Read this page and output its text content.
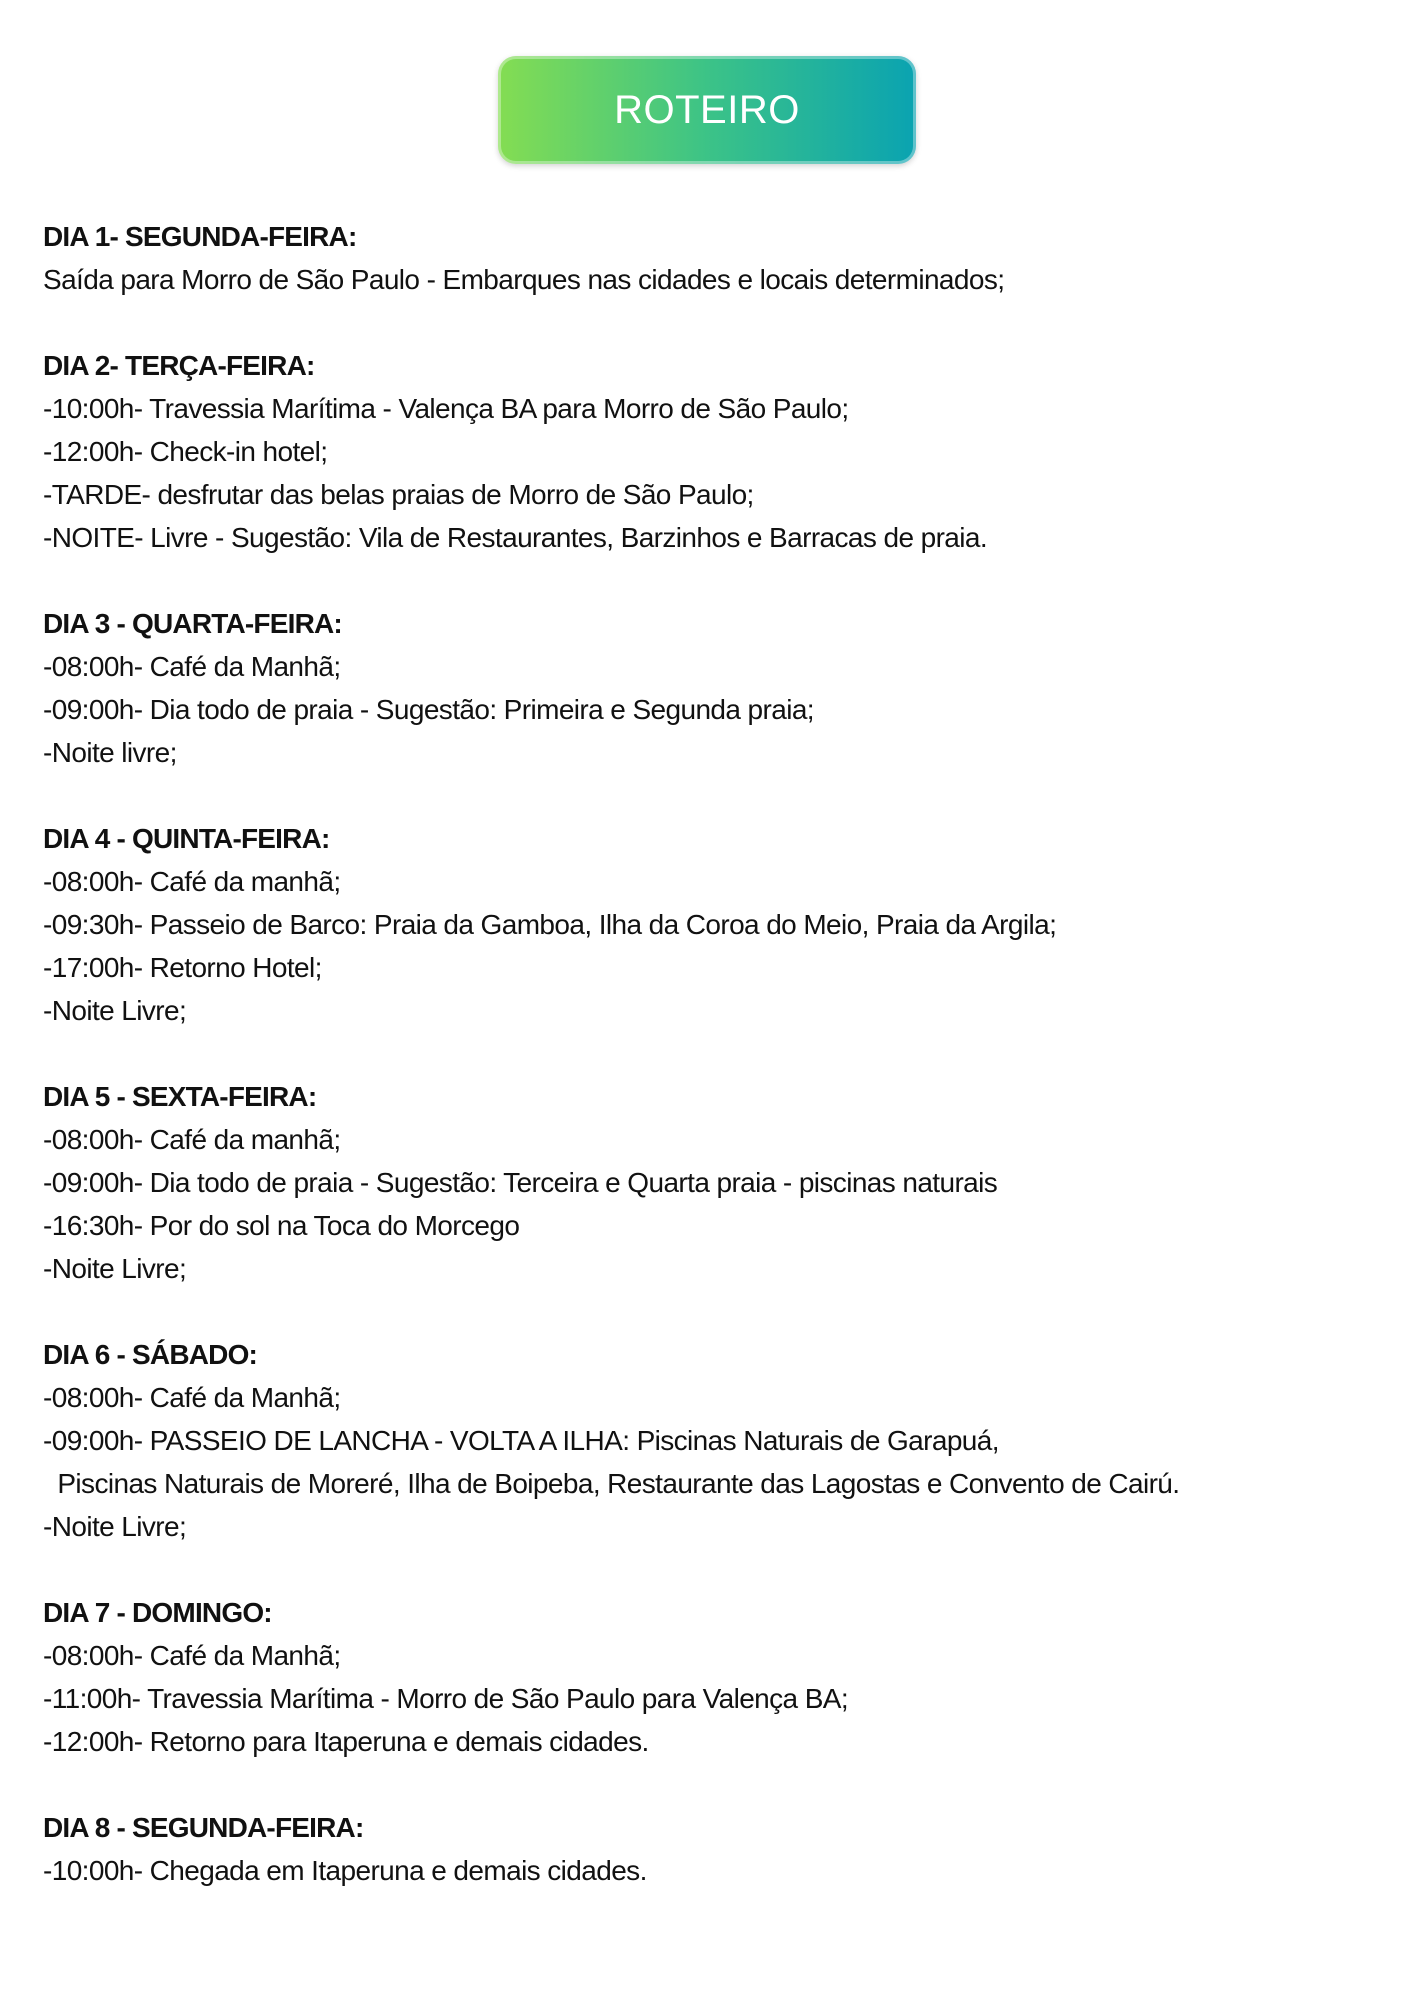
ROTEIRO
DIA 1- SEGUNDA-FEIRA:
Saída para Morro de São Paulo - Embarques nas cidades e locais determinados;
DIA 2- TERÇA-FEIRA:
-10:00h- Travessia Marítima - Valença BA para Morro de São Paulo;
-12:00h- Check-in hotel;
-TARDE- desfrutar das belas praias de Morro de São Paulo;
-NOITE- Livre - Sugestão: Vila de Restaurantes, Barzinhos e Barracas de praia.
DIA 3 - QUARTA-FEIRA:
-08:00h- Café da Manhã;
-09:00h- Dia todo de praia - Sugestão: Primeira e Segunda praia;
-Noite livre;
DIA 4 - QUINTA-FEIRA:
-08:00h- Café da manhã;
-09:30h- Passeio de Barco: Praia da Gamboa, Ilha da Coroa do Meio, Praia da Argila;
-17:00h- Retorno Hotel;
-Noite Livre;
DIA 5 - SEXTA-FEIRA:
-08:00h- Café da manhã;
-09:00h- Dia todo de praia - Sugestão: Terceira e Quarta praia - piscinas naturais
-16:30h- Por do sol na Toca do Morcego
-Noite Livre;
DIA 6 - SÁBADO:
-08:00h- Café da Manhã;
-09:00h- PASSEIO DE LANCHA - VOLTA A ILHA: Piscinas Naturais de Garapuá,
Piscinas Naturais de Moreré, Ilha de Boipeba, Restaurante das Lagostas e Convento de Cairú.
-Noite Livre;
DIA 7 - DOMINGO:
-08:00h- Café da Manhã;
-11:00h- Travessia Marítima - Morro de São Paulo para Valença BA;
-12:00h- Retorno para Itaperuna e demais cidades.
DIA 8 - SEGUNDA-FEIRA:
-10:00h- Chegada em Itaperuna e demais cidades.
